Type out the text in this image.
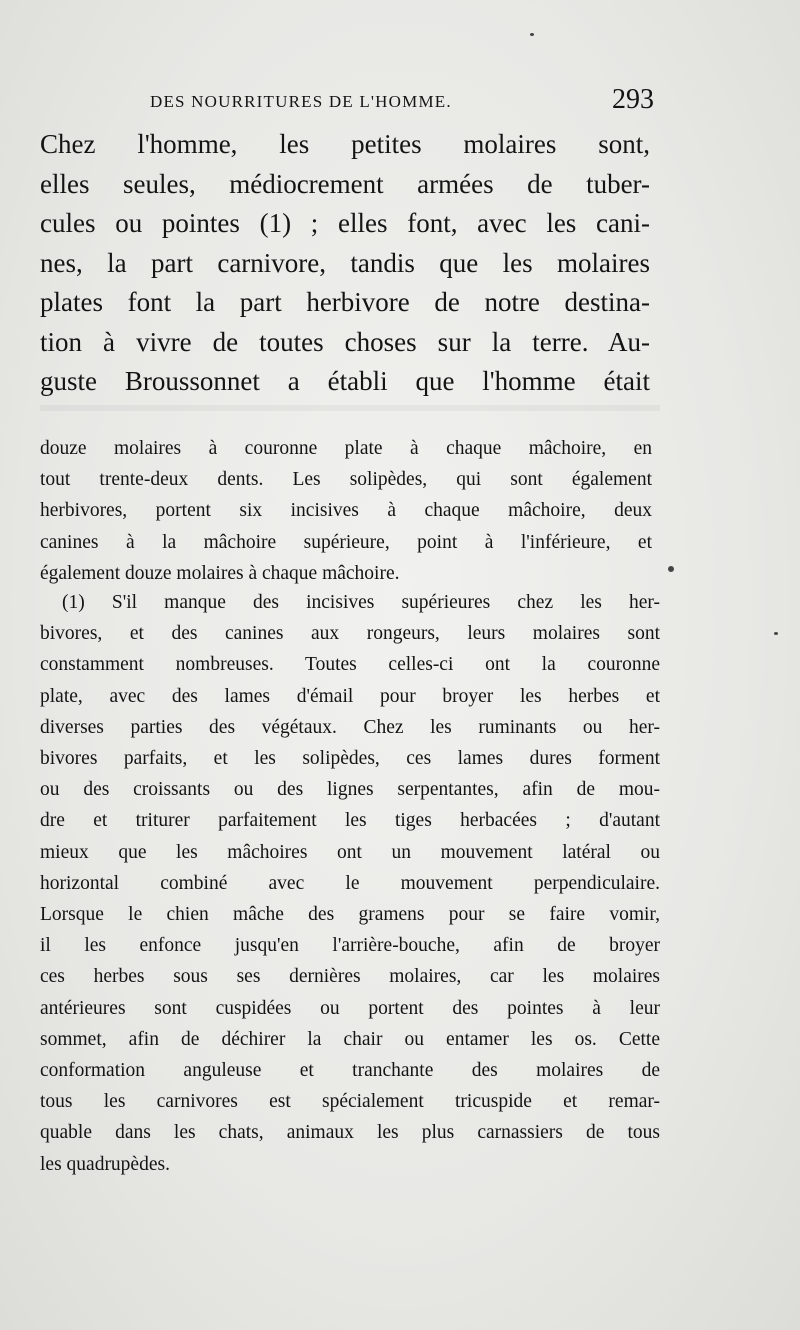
DES NOURRITURES DE L'HOMME.	293
Chez l'homme, les petites molaires sont,
elles seules, médiocrement armées de tuber-
cules ou pointes (1) ; elles font, avec les cani-
nes, la part carnivore, tandis que les molaires
plates font la part herbivore de notre destina-
tion à vivre de toutes choses sur la terre. Au-
guste Broussonnet a établi que l'homme était
douze molaires à couronne plate à chaque mâchoire, en
tout trente-deux dents. Les solipèdes, qui sont également
herbivores, portent six incisives à chaque mâchoire, deux
canines à la mâchoire supérieure, point à l'inférieure, et
également douze molaires à chaque mâchoire.
(1) S'il manque des incisives supérieures chez les her-
bivores, et des canines aux rongeurs, leurs molaires sont
constamment nombreuses. Toutes celles-ci ont la couronne
plate, avec des lames d'émail pour broyer les herbes et
diverses parties des végétaux. Chez les ruminants ou her-
bivores parfaits, et les solipèdes, ces lames dures forment
ou des croissants ou des lignes serpentantes, afin de mou-
dre et triturer parfaitement les tiges herbacées ; d'autant
mieux que les mâchoires ont un mouvement latéral ou
horizontal combiné avec le mouvement perpendiculaire.
Lorsque le chien mâche des gramens pour se faire vomir,
il les enfonce jusqu'en l'arrière-bouche, afin de broyer
ces herbes sous ses dernières molaires, car les molaires
antérieures sont cuspidées ou portent des pointes à leur
sommet, afin de déchirer la chair ou entamer les os. Cette
conformation anguleuse et tranchante des molaires de
tous les carnivores est spécialement tricuspide et remar-
quable dans les chats, animaux les plus carnassiers de tous
les quadrupèdes.
